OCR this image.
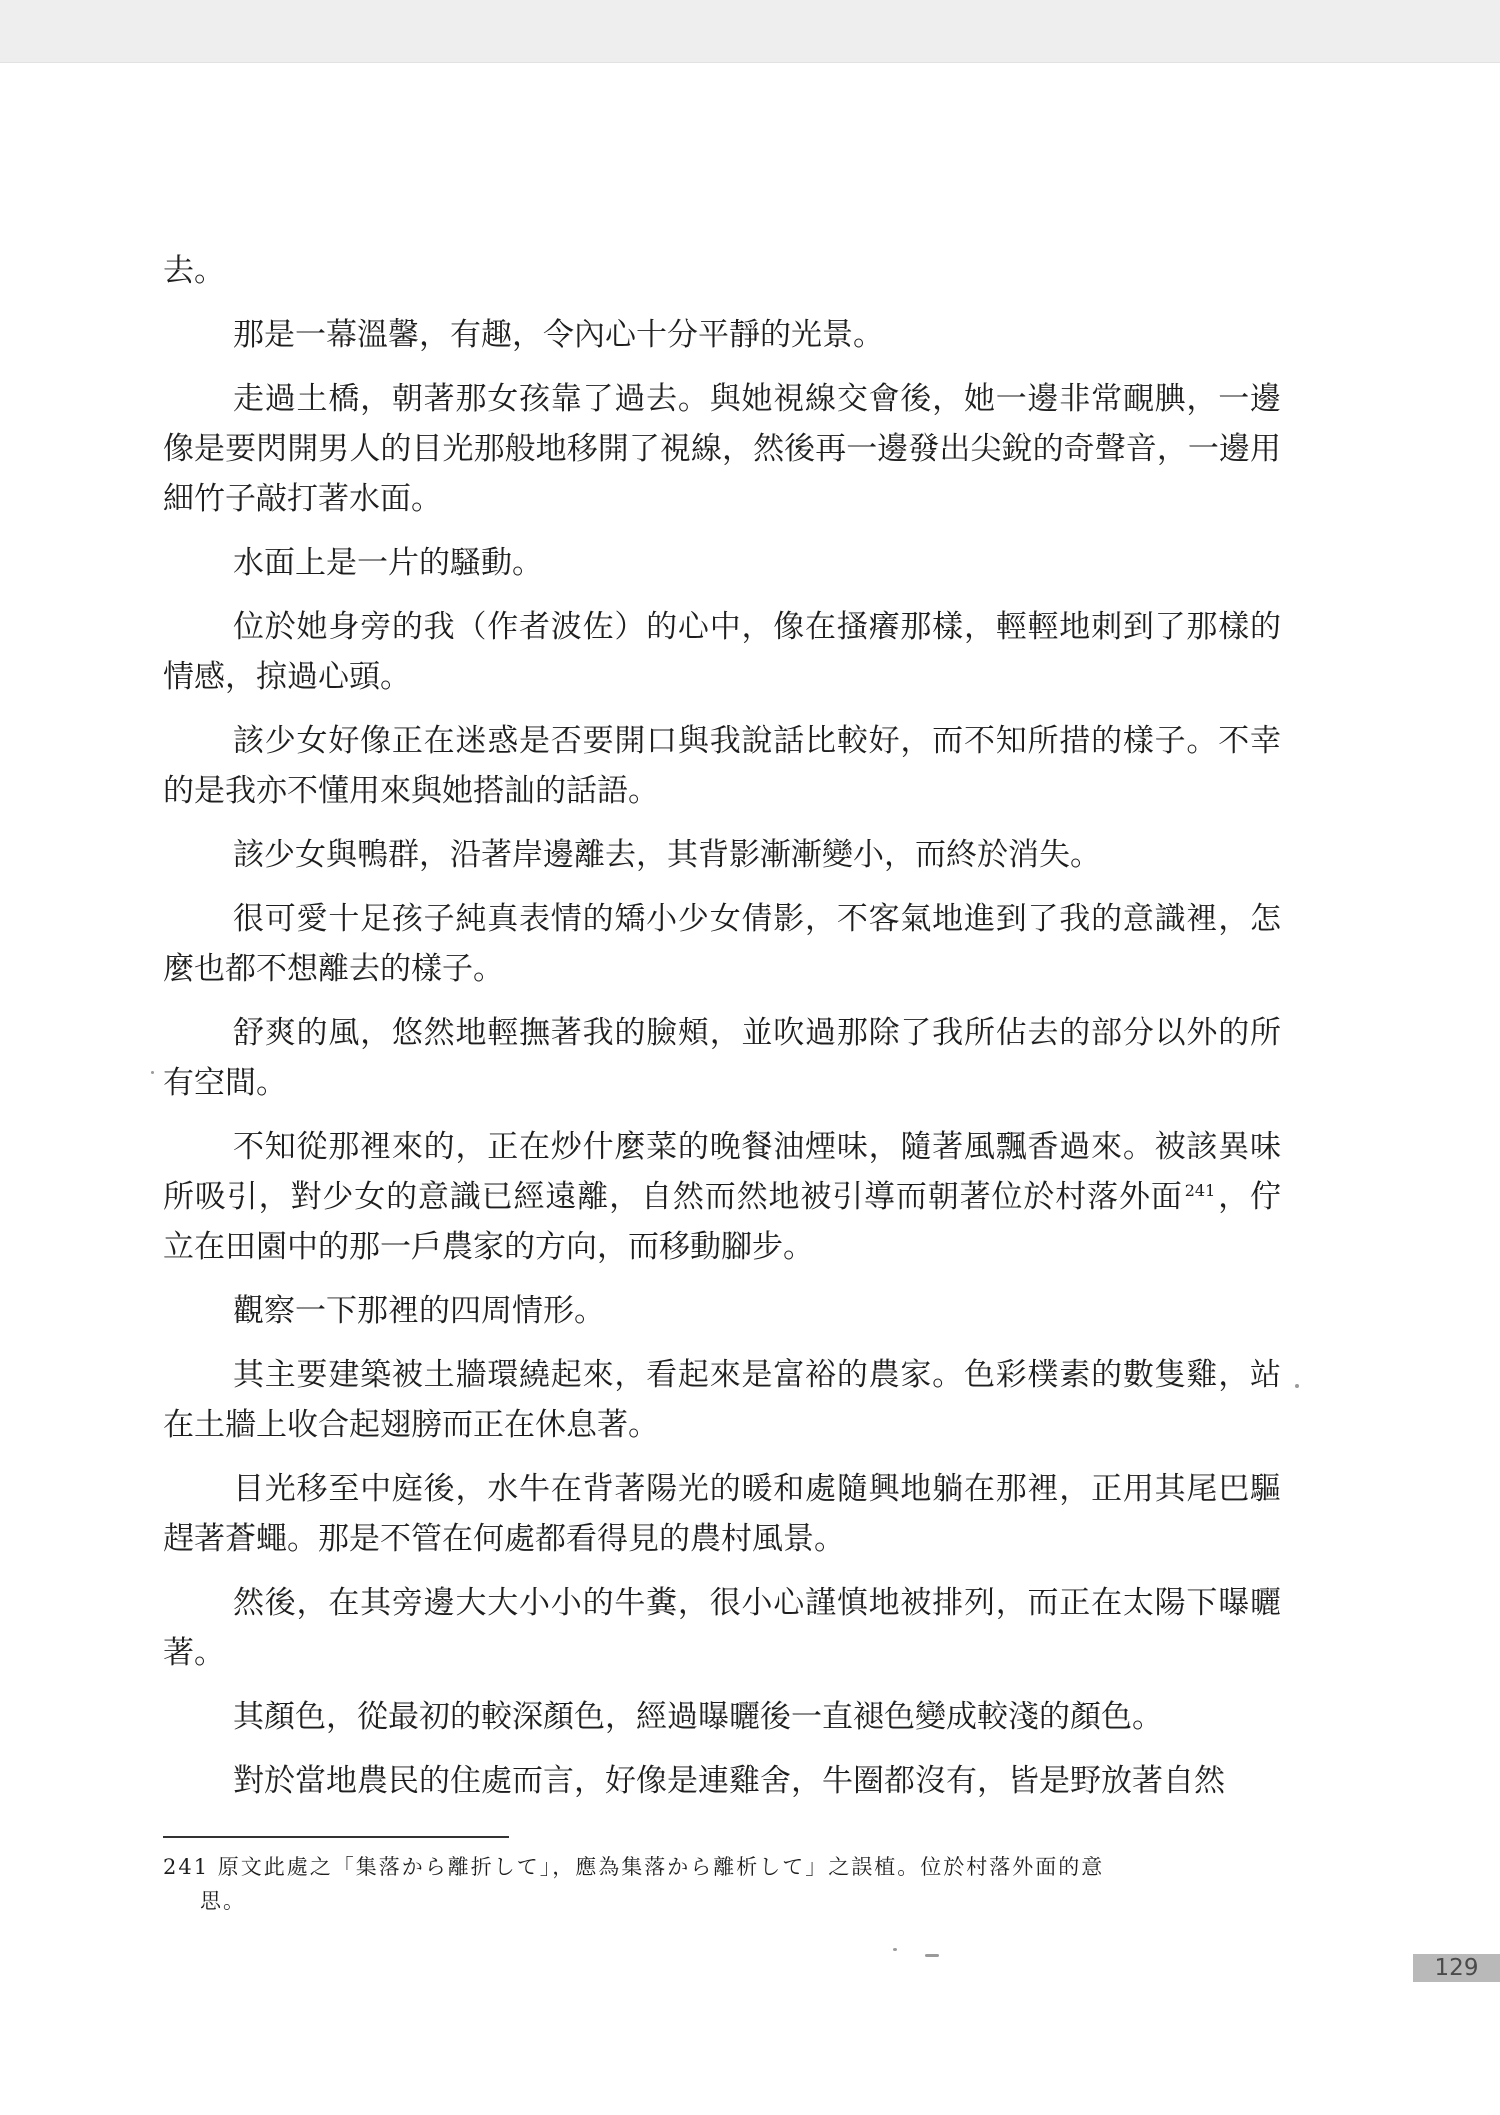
去。

那是一幕溫馨，有趣，令內心十分平靜的光景。

走過土橋，朝著那女孩靠了過去。與她視線交會後，她一邊非常靦腆，一邊像是要閃開男人的目光那般地移開了視線，然後再一邊發出尖銳的奇聲音，一邊用細竹子敲打著水面。

水面上是一片的騷動。

位於她身旁的我（作者波佐）的心中，像在搔癢那樣，輕輕地刺到了那樣的情感，掠過心頭。

該少女好像正在迷惑是否要開口與我說話比較好，而不知所措的樣子。不幸的是我亦不懂用來與她搭訕的話語。

該少女與鴨群，沿著岸邊離去，其背影漸漸變小，而終於消失。

很可愛十足孩子純真表情的矯小少女倩影，不客氣地進到了我的意識裡，怎麼也都不想離去的樣子。

舒爽的風，悠然地輕撫著我的臉頰，並吹過那除了我所佔去的部分以外的所有空間。

不知從那裡來的，正在炒什麼菜的晚餐油煙味，隨著風飄香過來。被該異味所吸引，對少女的意識已經遠離，自然而然地被引導而朝著位於村落外面 $^{241}$，佇立在田園中的那一戶農家的方向，而移動腳步。

觀察一下那裡的四周情形。

其主要建築被土牆環繞起來，看起來是富裕的農家。色彩樸素的數隻雞，站在土牆上收合起翅膀而正在休息著。

目光移至中庭後，水牛在背著陽光的暖和處隨興地躺在那裡，正用其尾巴驅趕著蒼蠅。那是不管在何處都看得見的農村風景。

然後，在其旁邊大大小小的牛糞，很小心謹慎地被排列，而正在太陽下曝曬著。

其顏色，從最初的較深顏色，經過曝曬後一直褪色變成較淺的顏色。

對於當地農民的住處而言，好像是連雞舍，牛圈都沒有，皆是野放著自然

241 原文此處之「集落から離折して」，應為集落から離析して」之誤植。位於村落外面的意
思。

129
